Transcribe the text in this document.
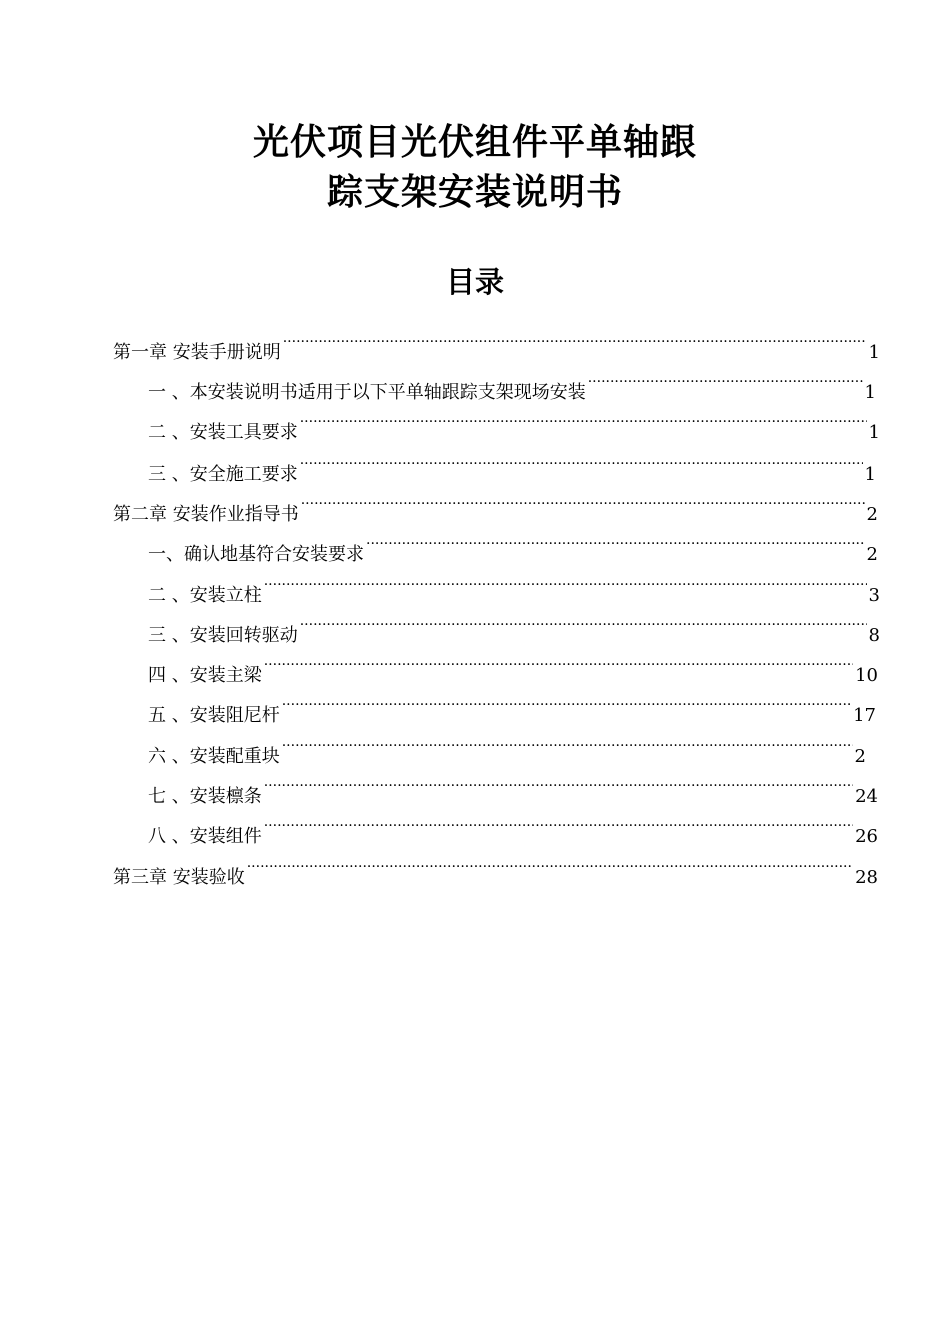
光伏项目光伏组件平单轴跟
踪支架安装说明书
目录
第一章 安装手册说明 .....	1
一 、本安装说明书适用于以下平单轴跟踪支架现场安装 .....	1
二 、安装工具要求 .....	1
三 、安全施工要求 .....	1
第二章 安装作业指导书 .....	2
一、确认地基符合安装要求 .....	2
二 、安装立柱 .....	3
三 、安装回转驱动 .....	8
四 、安装主梁 .....	10
五 、安装阻尼杆 .....	17
六 、安装配重块 .....	2
七 、安装檩条 .....	24
八 、安装组件 .....	26
第三章 安装验收 .....	28
